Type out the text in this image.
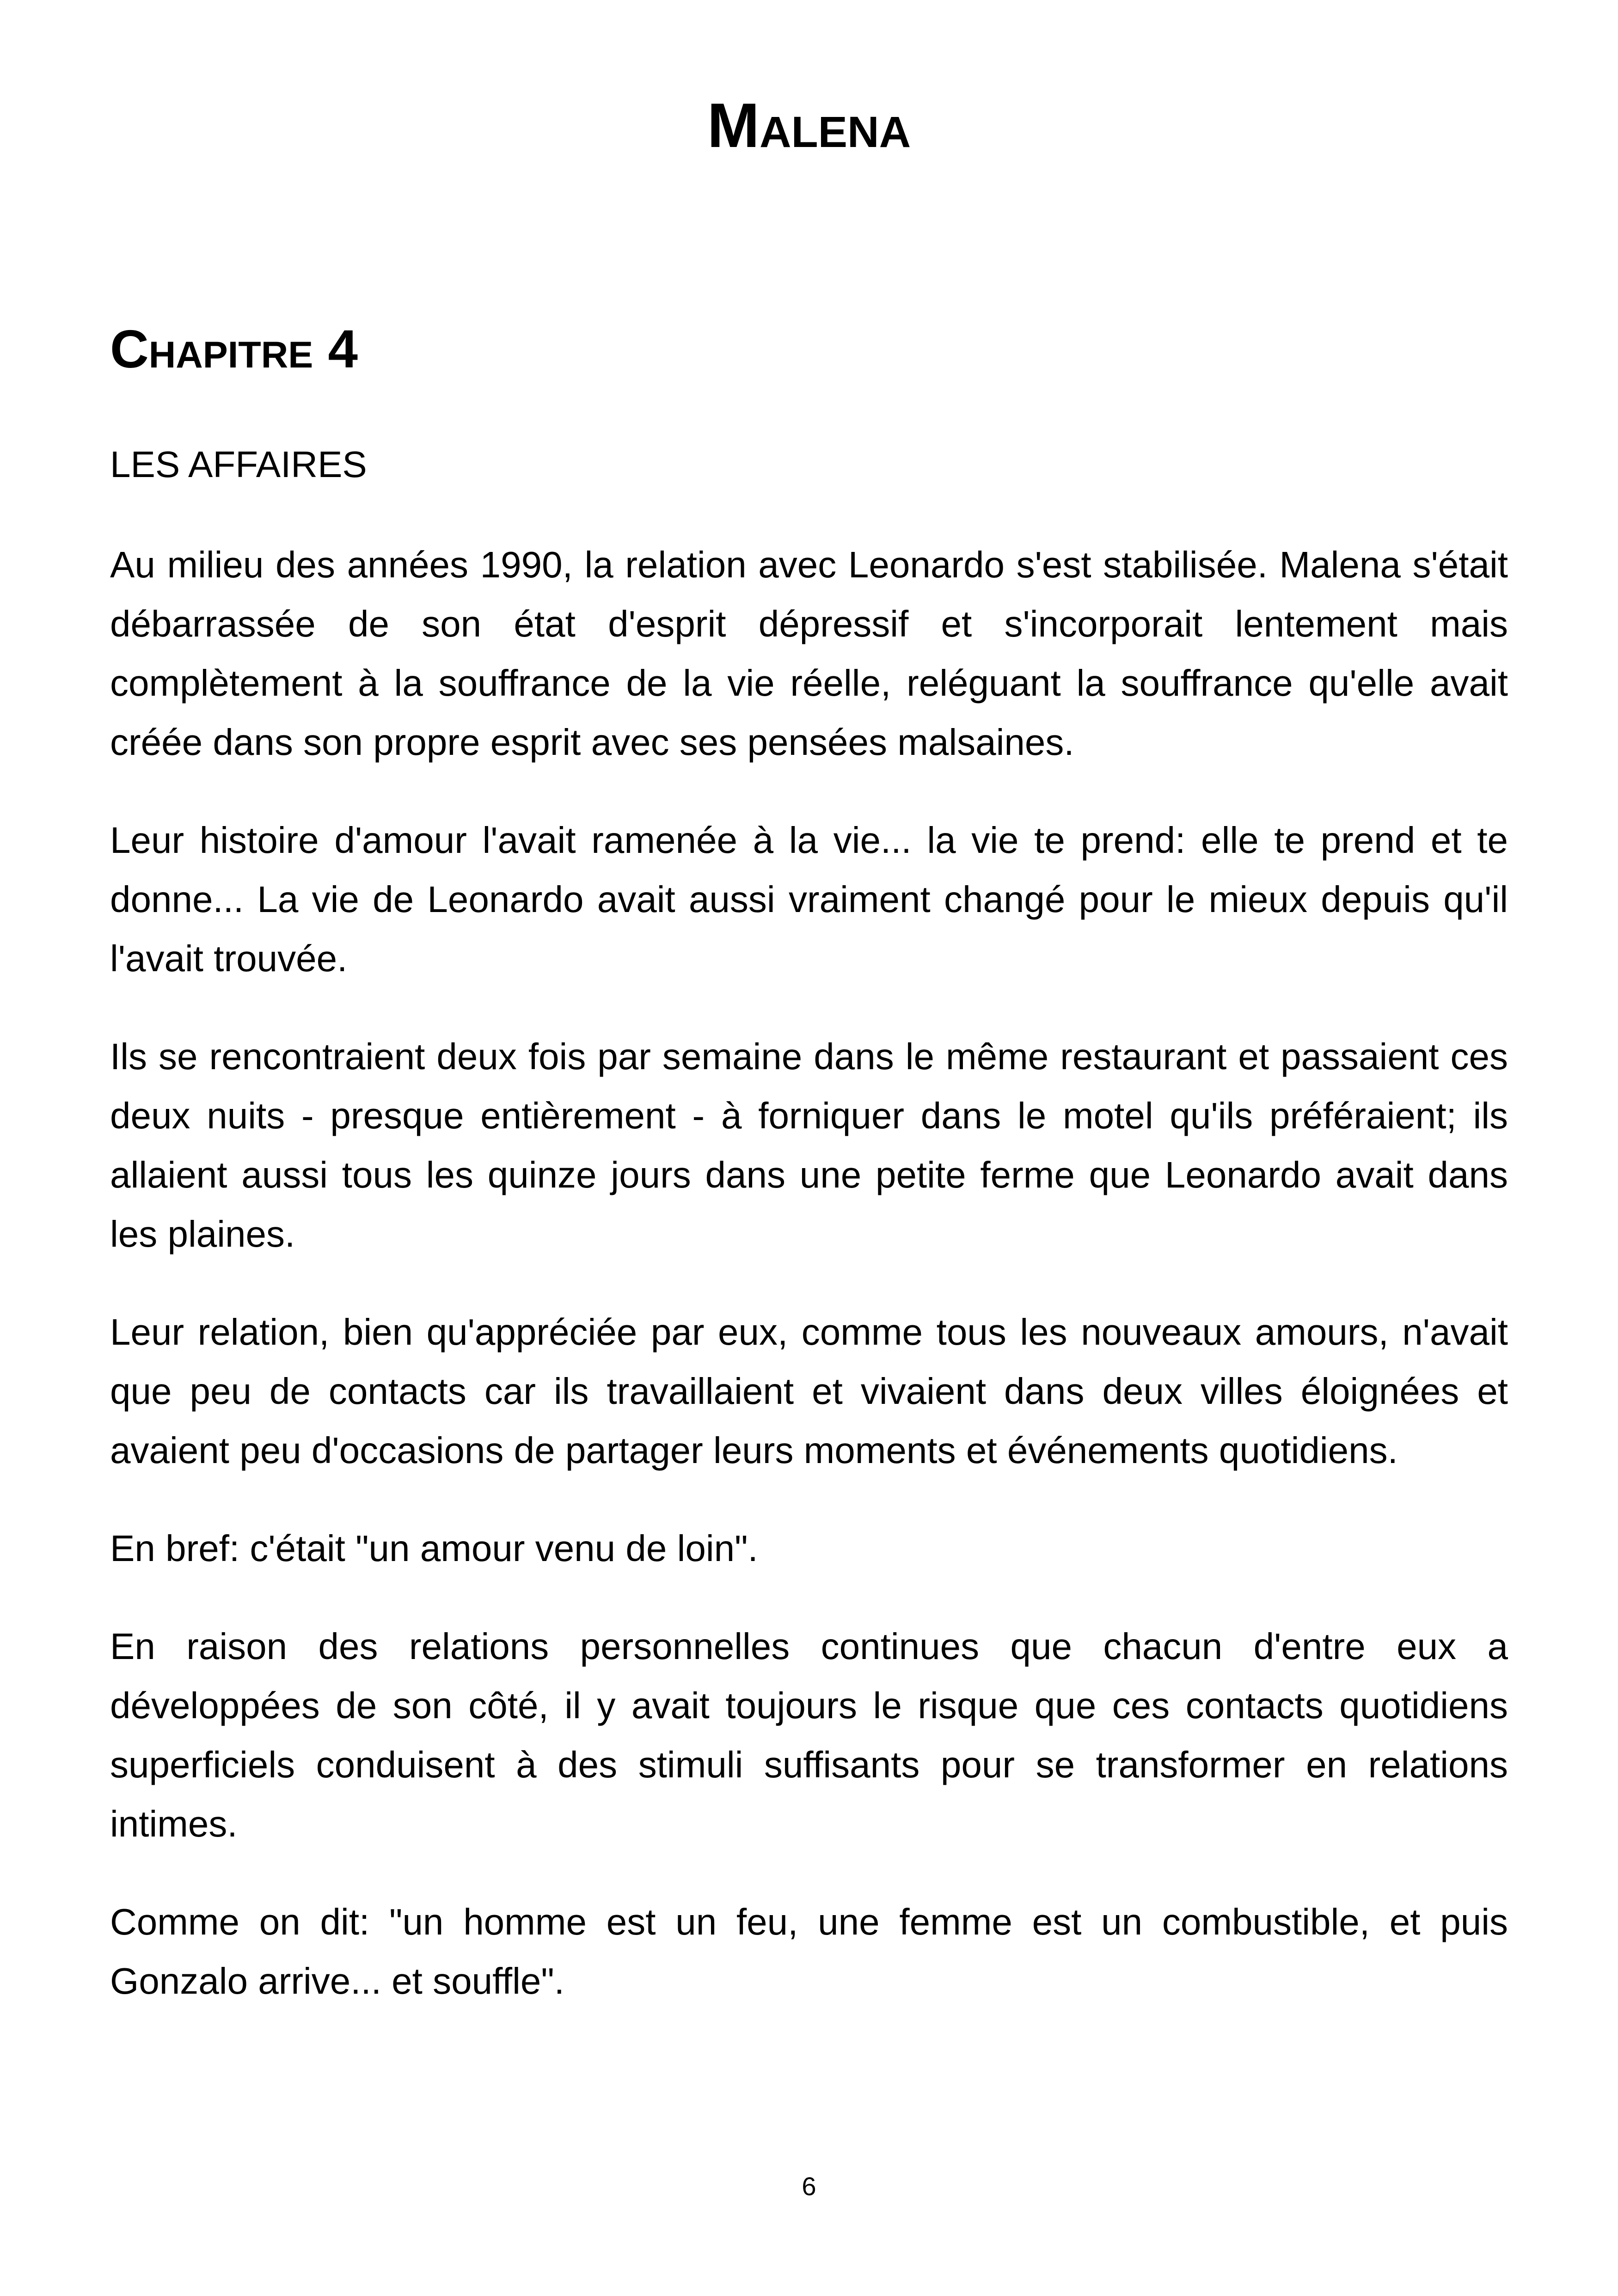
Malena
Chapitre 4

LES AFFAIRES

Au milieu des années 1990, la relation avec Leonardo s'est stabilisée. Malena s'était débarrassée de son état d'esprit dépressif et s'incorporait lentement mais complètement à la souffrance de la vie réelle, reléguant la souffrance qu'elle avait créée dans son propre esprit avec ses pensées malsaines.

Leur histoire d'amour l'avait ramenée à la vie... la vie te prend: elle te prend et te donne... La vie de Leonardo avait aussi vraiment changé pour le mieux depuis qu'il l'avait trouvée.

Ils se rencontraient deux fois par semaine dans le même restaurant et passaient ces deux nuits - presque entièrement - à forniquer dans le motel qu'ils préféraient; ils allaient aussi tous les quinze jours dans une petite ferme que Leonardo avait dans les plaines.

Leur relation, bien qu'appréciée par eux, comme tous les nouveaux amours, n'avait que peu de contacts car ils travaillaient et vivaient dans deux villes éloignées et avaient peu d'occasions de partager leurs moments et événements quotidiens.

En bref: c'était "un amour venu de loin".

En raison des relations personnelles continues que chacun d'entre eux a développées de son côté, il y avait toujours le risque que ces contacts quotidiens superficiels conduisent à des stimuli suffisants pour se transformer en relations intimes.

Comme on dit: "un homme est un feu, une femme est un combustible, et puis Gonzalo arrive... et souffle".

6
